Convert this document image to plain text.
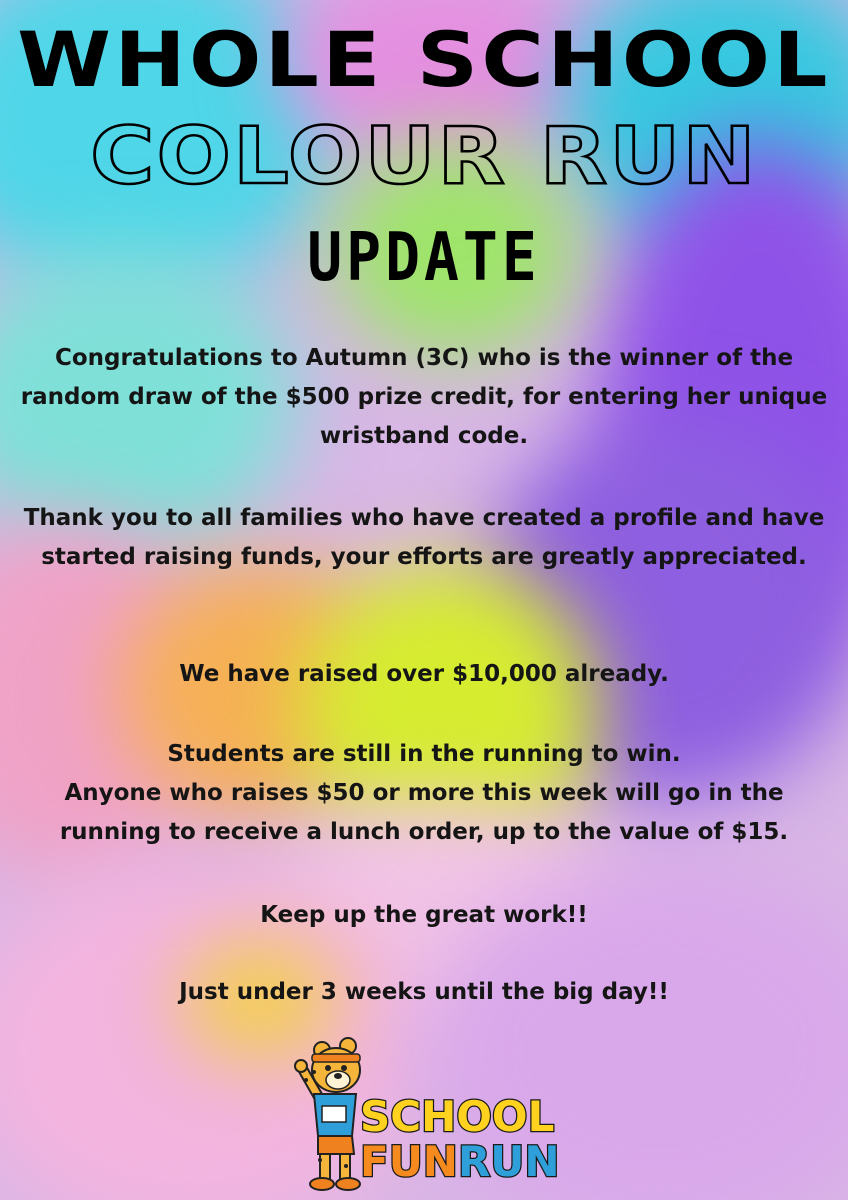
WHOLE SCHOOL
COLOUR RUN
UPDATE

Congratulations to Autumn (3C) who is the winner of the random draw of the $500 prize credit, for entering her unique wristband code.

Thank you to all families who have created a profile and have started raising funds, your efforts are greatly appreciated.

We have raised over $10,000 already.

Students are still in the running to win.
Anyone who raises $50 or more this week will go in the running to receive a lunch order, up to the value of $15.

Keep up the great work!!

Just under 3 weeks until the big day!!

SCHOOL
FUNRUN
